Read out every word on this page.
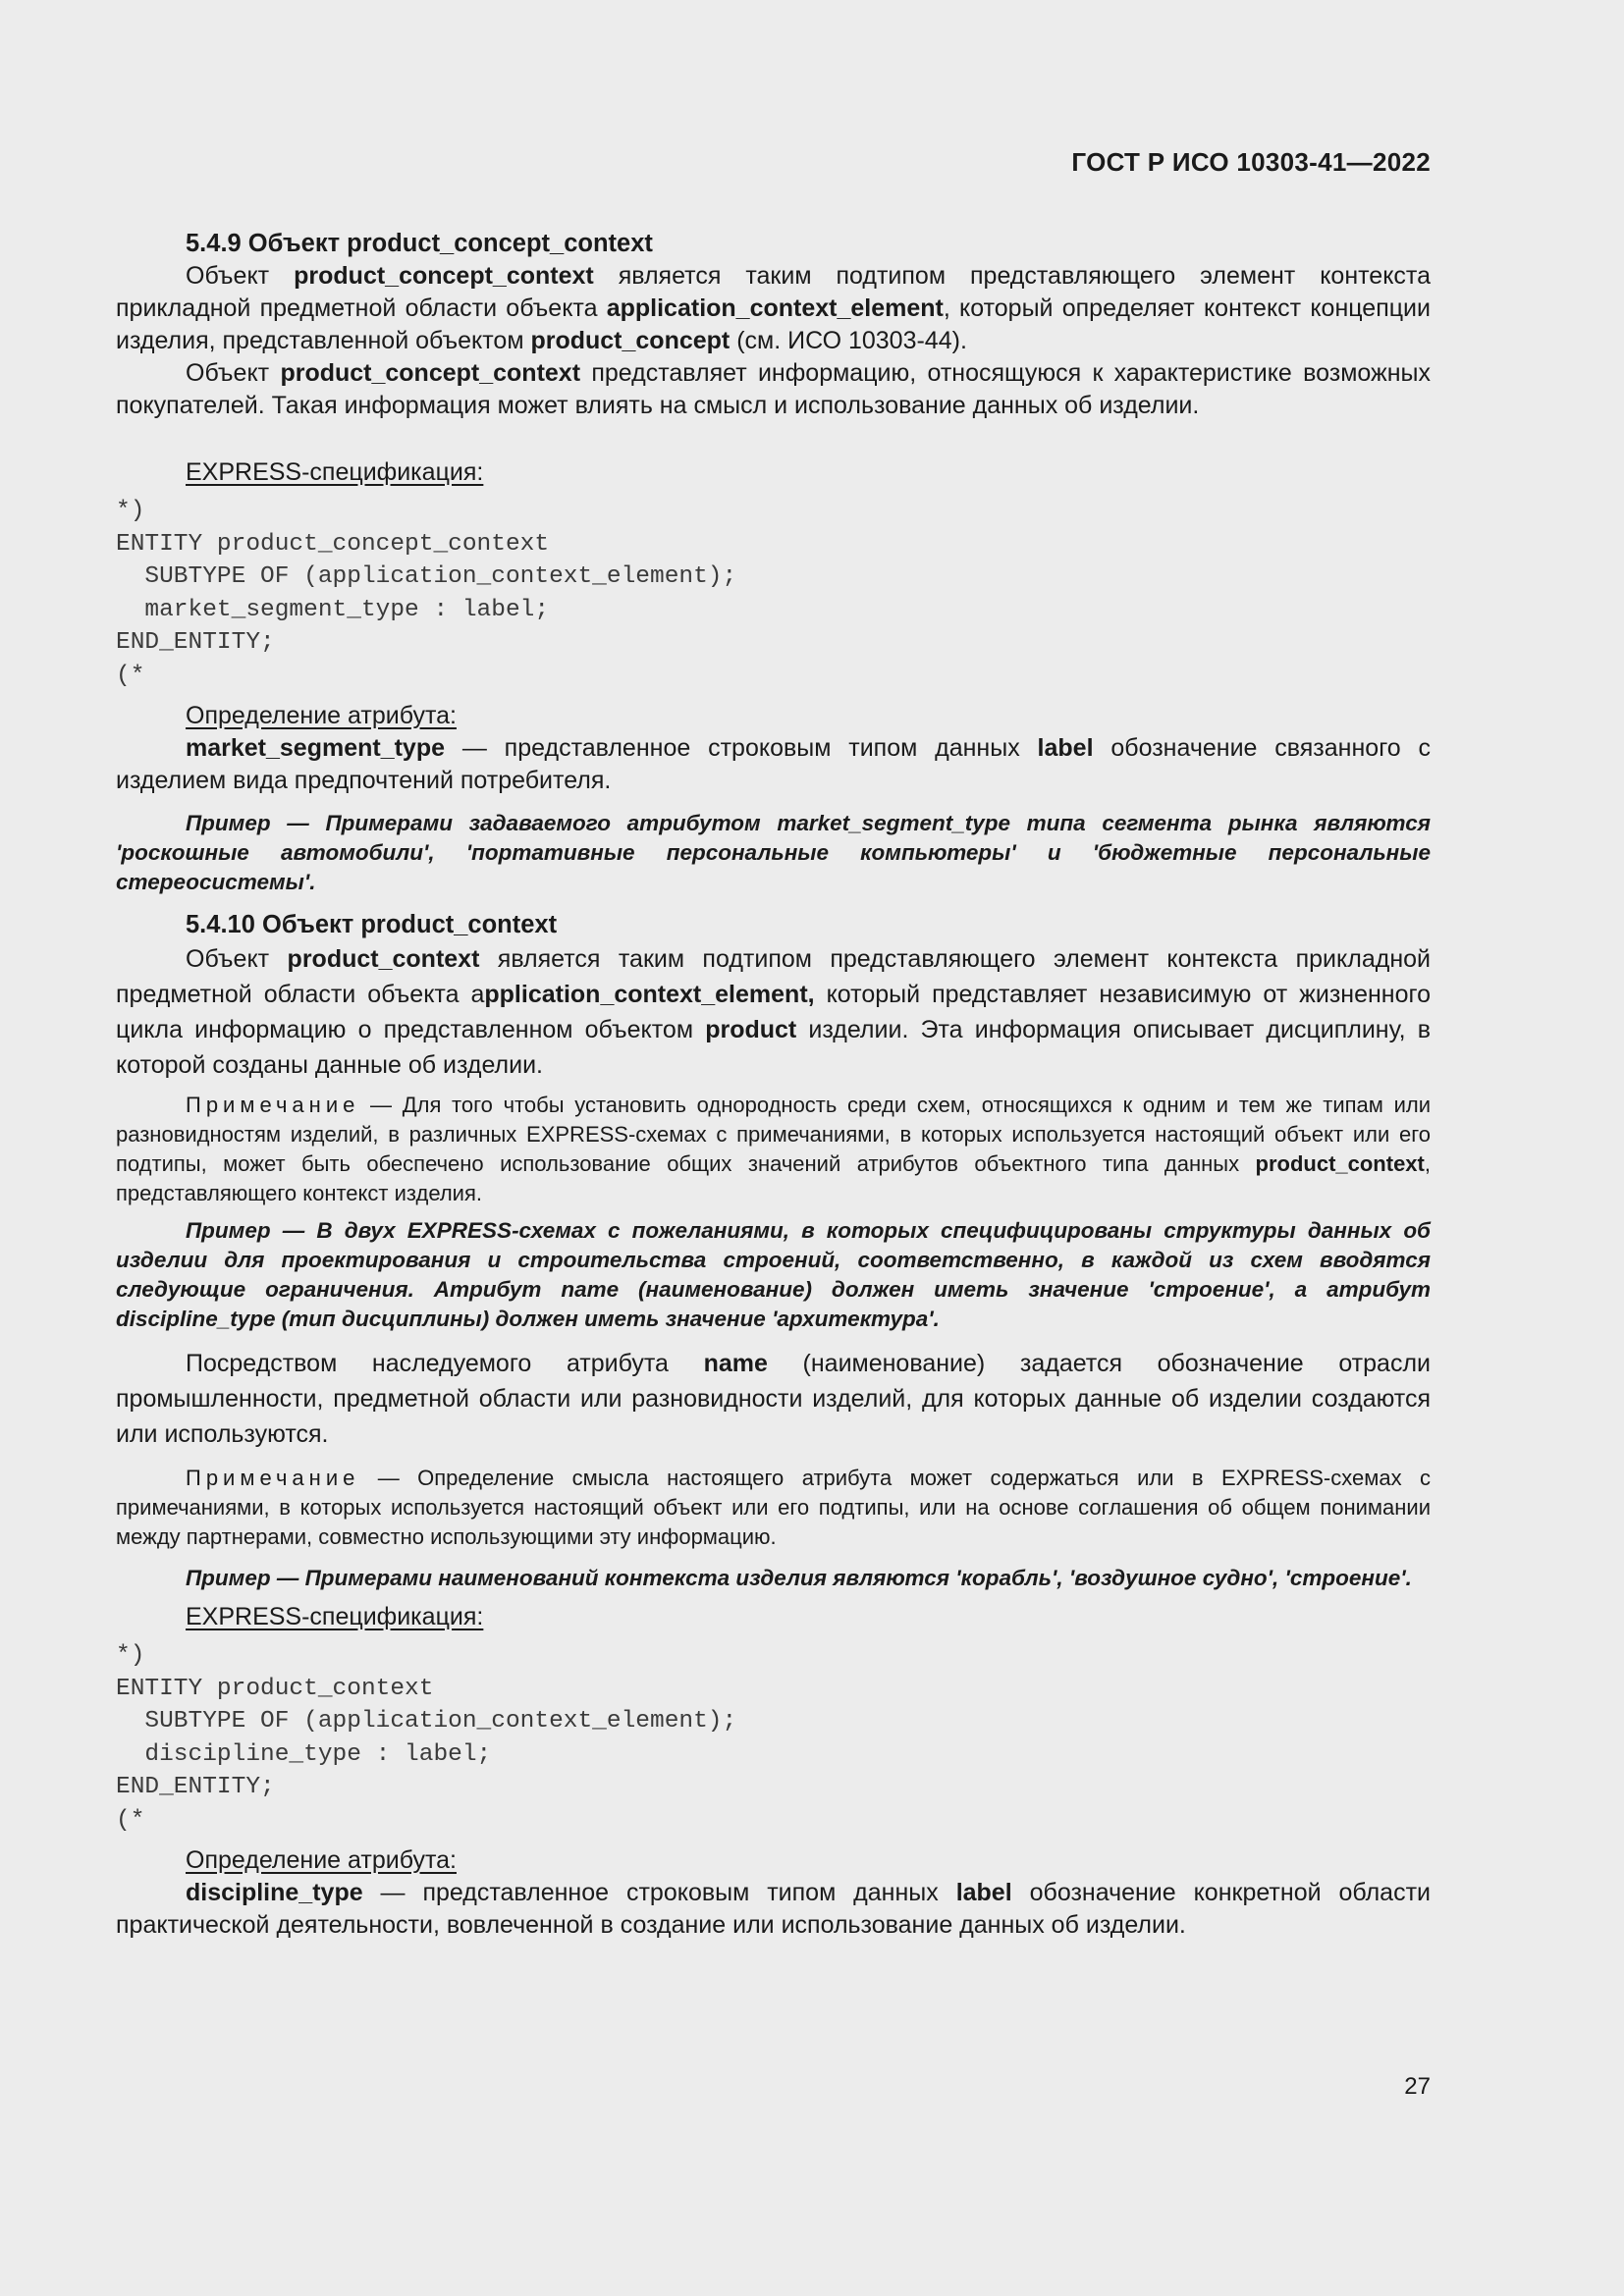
ГОСТ Р ИСО 10303-41—2022

5.4.9 Объект product_concept_context

Объект product_concept_context является таким подтипом представляющего элемент контекста прикладной предметной области объекта application_context_element, который определяет контекст концепции изделия, представленной объектом product_concept (см. ИСО 10303-44).

Объект product_concept_context представляет информацию, относящуюся к характеристике возможных покупателей. Такая информация может влиять на смысл и использование данных об изделии.

EXPRESS-спецификация:

*)
ENTITY product_concept_context
SUBTYPE OF (application_context_element);
market_segment_type : label;
END_ENTITY;
(*

Определение атрибута:

market_segment_type — представленное строковым типом данных label обозначение связанного с изделием вида предпочтений потребителя.

Пример — Примерами задаваемого атрибутом market_segment_type типа сегмента рынка являются 'роскошные автомобили', 'портативные персональные компьютеры' и 'бюджетные персональные стереосистемы'.

5.4.10 Объект product_context

Объект product_context является таким подтипом представляющего элемент контекста прикладной предметной области объекта аpplication_context_element, который представляет независимую от жизненного цикла информацию о представленном объектом product изделии. Эта информация описывает дисциплину, в которой созданы данные об изделии.

Примечание — Для того чтобы установить однородность среди схем, относящихся к одним и тем же типам или разновидностям изделий, в различных EXPRESS-схемах с примечаниями, в которых используется настоящий объект или его подтипы, может быть обеспечено использование общих значений атрибутов объектного типа данных product_context, представляющего контекст изделия.

Пример — В двух EXPRESS-схемах с пожеланиями, в которых специфицированы структуры данных об изделии для проектирования и строительства строений, соответственно, в каждой из схем вводятся следующие ограничения. Атрибут name (наименование) должен иметь значение 'строение', а атрибут discipline_type (тип дисциплины) должен иметь значение 'архитектура'.

Посредством наследуемого атрибута name (наименование) задается обозначение отрасли промышленности, предметной области или разновидности изделий, для которых данные об изделии создаются или используются.

Примечание — Определение смысла настоящего атрибута может содержаться или в EXPRESS-схемах с примечаниями, в которых используется настоящий объект или его подтипы, или на основе соглашения об общем понимании между партнерами, совместно использующими эту информацию.

Пример — Примерами наименований контекста изделия являются 'корабль', 'воздушное судно', 'строение'.

EXPRESS-спецификация:

*)
ENTITY product_context
SUBTYPE OF (application_context_element);
discipline_type : label;
END_ENTITY;
(*

Определение атрибута:

discipline_type — представленное строковым типом данных label обозначение конкретной области практической деятельности, вовлеченной в создание или использование данных об изделии.

27
